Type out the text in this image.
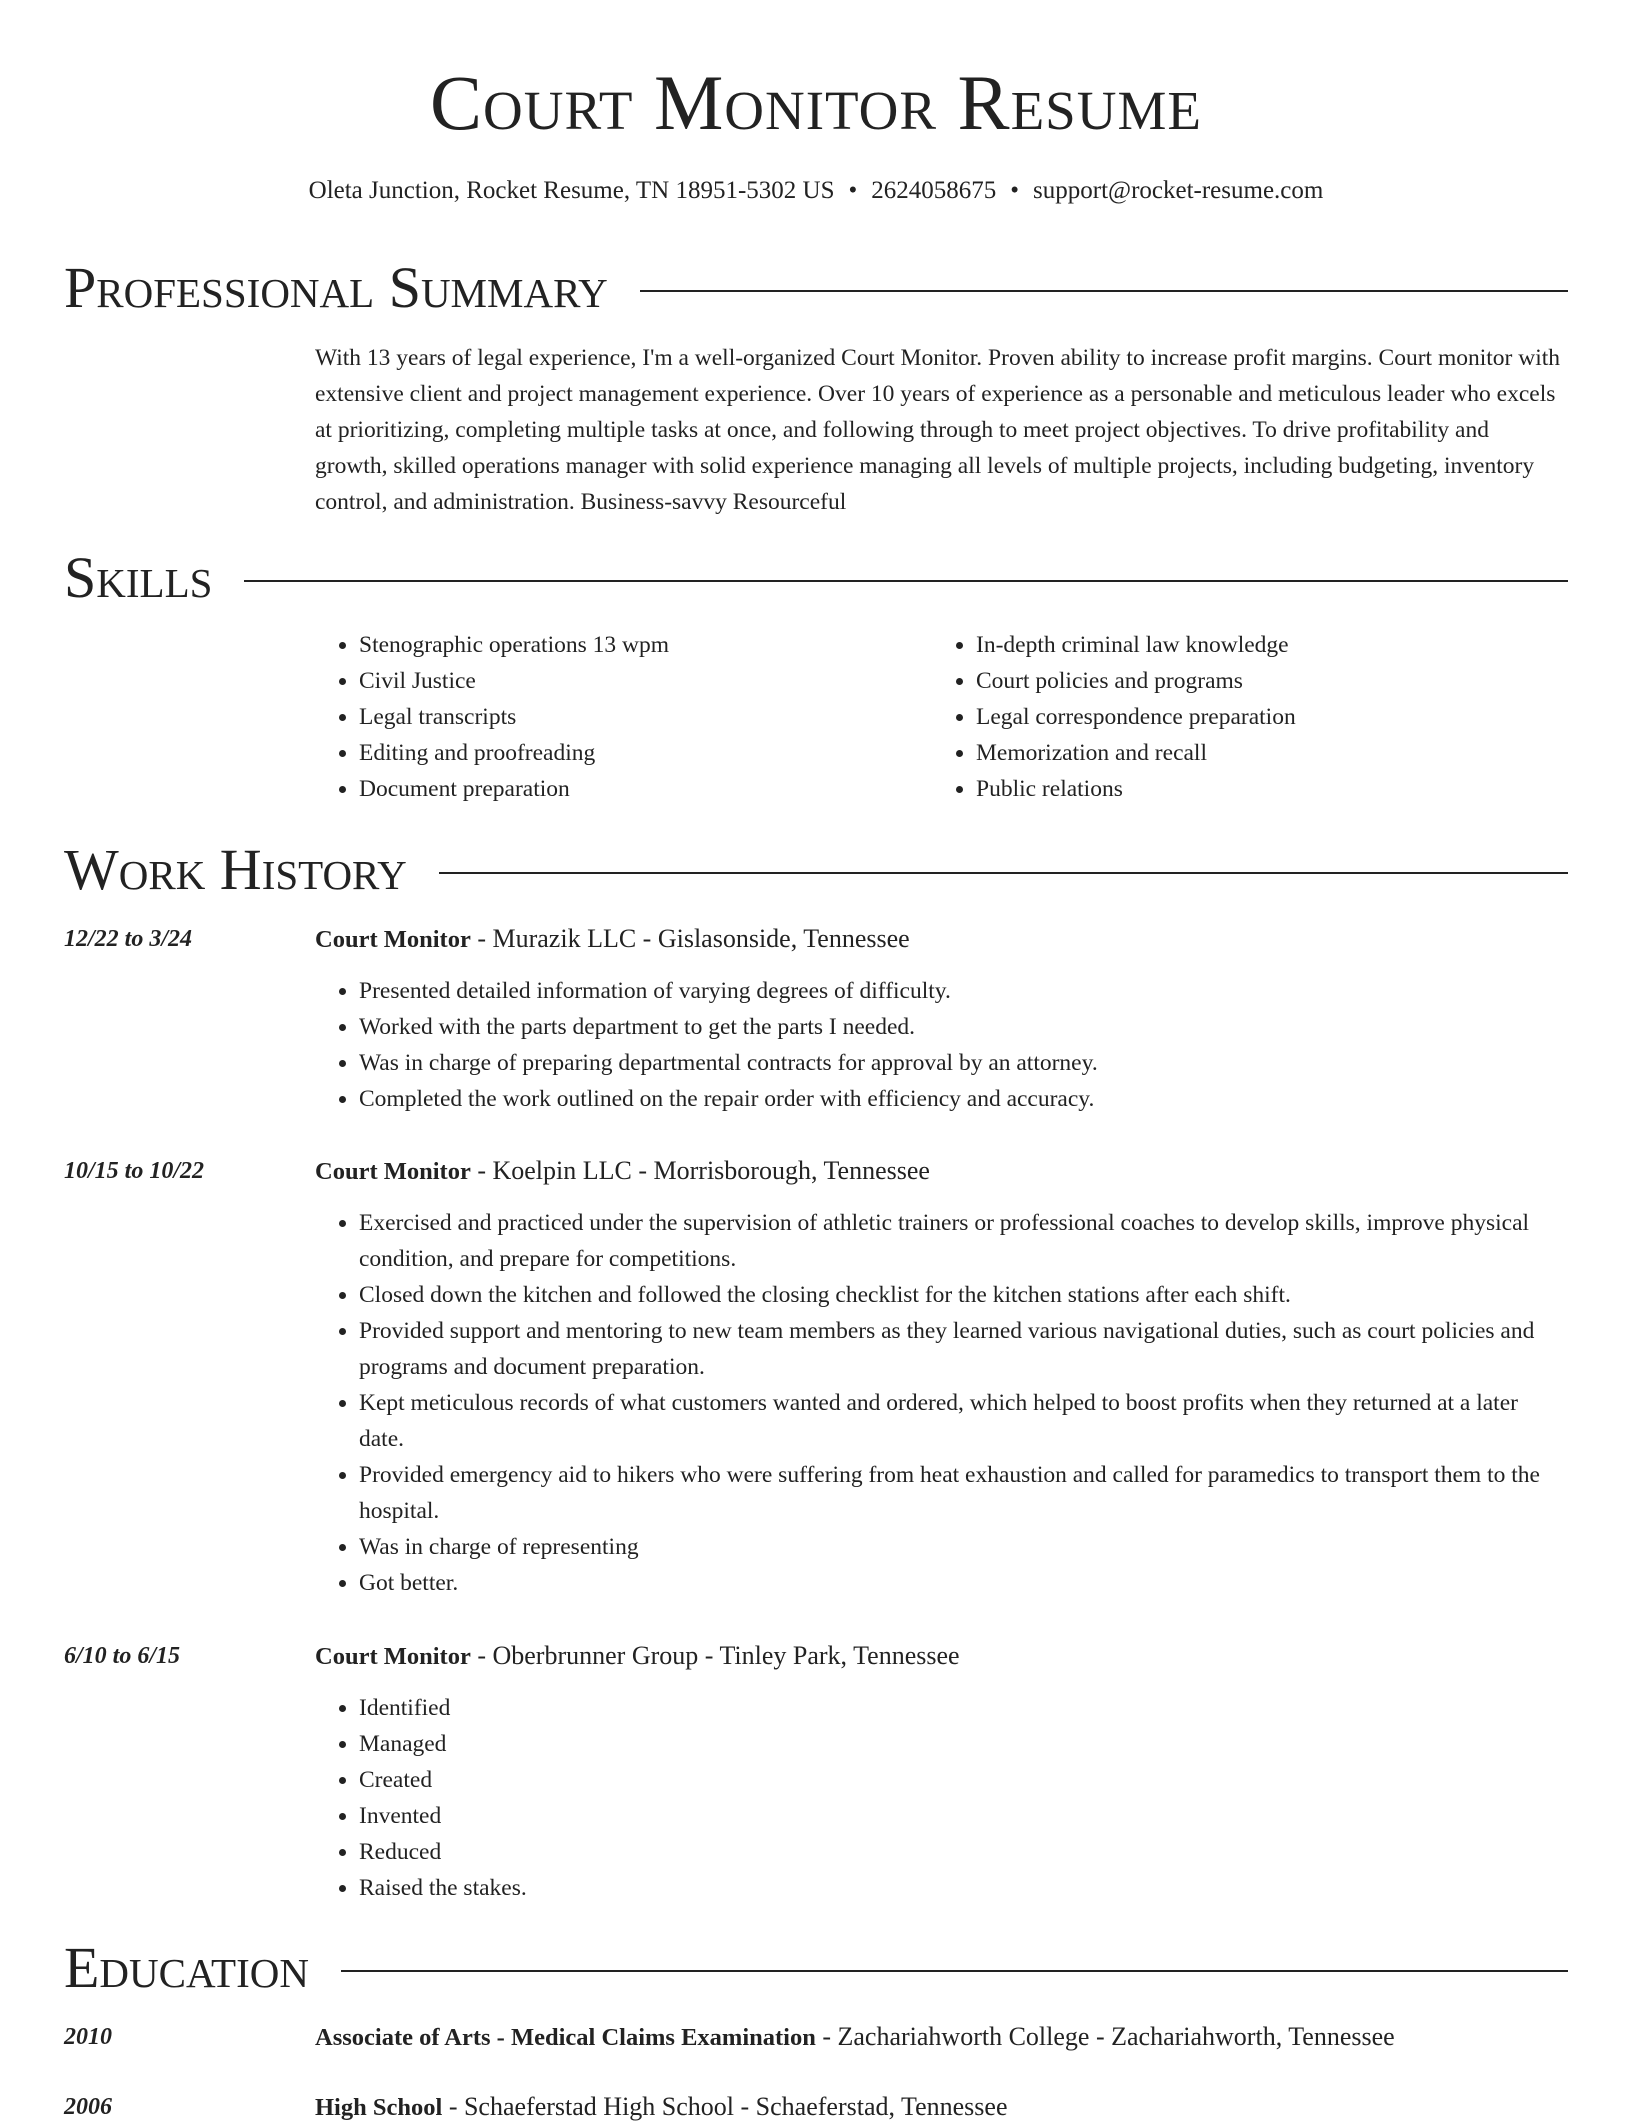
Court Monitor Resume
Oleta Junction, Rocket Resume, TN 18951-5302 US • 2624058675 • support@rocket-resume.com
Professional Summary

With 13 years of legal experience, I'm a well-organized Court Monitor. Proven ability to increase profit margins. Court monitor with extensive client and project management experience. Over 10 years of experience as a personable and meticulous leader who excels at prioritizing, completing multiple tasks at once, and following through to meet project objectives. To drive profitability and growth, skilled operations manager with solid experience managing all levels of multiple projects, including budgeting, inventory control, and administration. Business-savvy Resourceful

Skills
• Stenographic operations 13 wpm
• Civil Justice
• Legal transcripts
• Editing and proofreading
• Document preparation
• In-depth criminal law knowledge
• Court policies and programs
• Legal correspondence preparation
• Memorization and recall
• Public relations
Work History
12/22 to 3/24	Court Monitor - Murazik LLC - Gislasonside, Tennessee
• Presented detailed information of varying degrees of difficulty.
• Worked with the parts department to get the parts I needed.
• Was in charge of preparing departmental contracts for approval by an attorney.
• Completed the work outlined on the repair order with efficiency and accuracy.
10/15 to 10/22	Court Monitor - Koelpin LLC - Morrisborough, Tennessee
• Exercised and practiced under the supervision of athletic trainers or professional coaches to develop skills, improve physical condition, and prepare for competitions.
• Closed down the kitchen and followed the closing checklist for the kitchen stations after each shift.
• Provided support and mentoring to new team members as they learned various navigational duties, such as court policies and programs and document preparation.
• Kept meticulous records of what customers wanted and ordered, which helped to boost profits when they returned at a later date.
• Provided emergency aid to hikers who were suffering from heat exhaustion and called for paramedics to transport them to the hospital.
• Was in charge of representing
• Got better.
6/10 to 6/15	Court Monitor - Oberbrunner Group - Tinley Park, Tennessee
• Identified
• Managed
• Created
• Invented
• Reduced
• Raised the stakes.
Education
2010	Associate of Arts - Medical Claims Examination - Zachariahworth College - Zachariahworth, Tennessee
2006	High School - Schaeferstad High School - Schaeferstad, Tennessee
